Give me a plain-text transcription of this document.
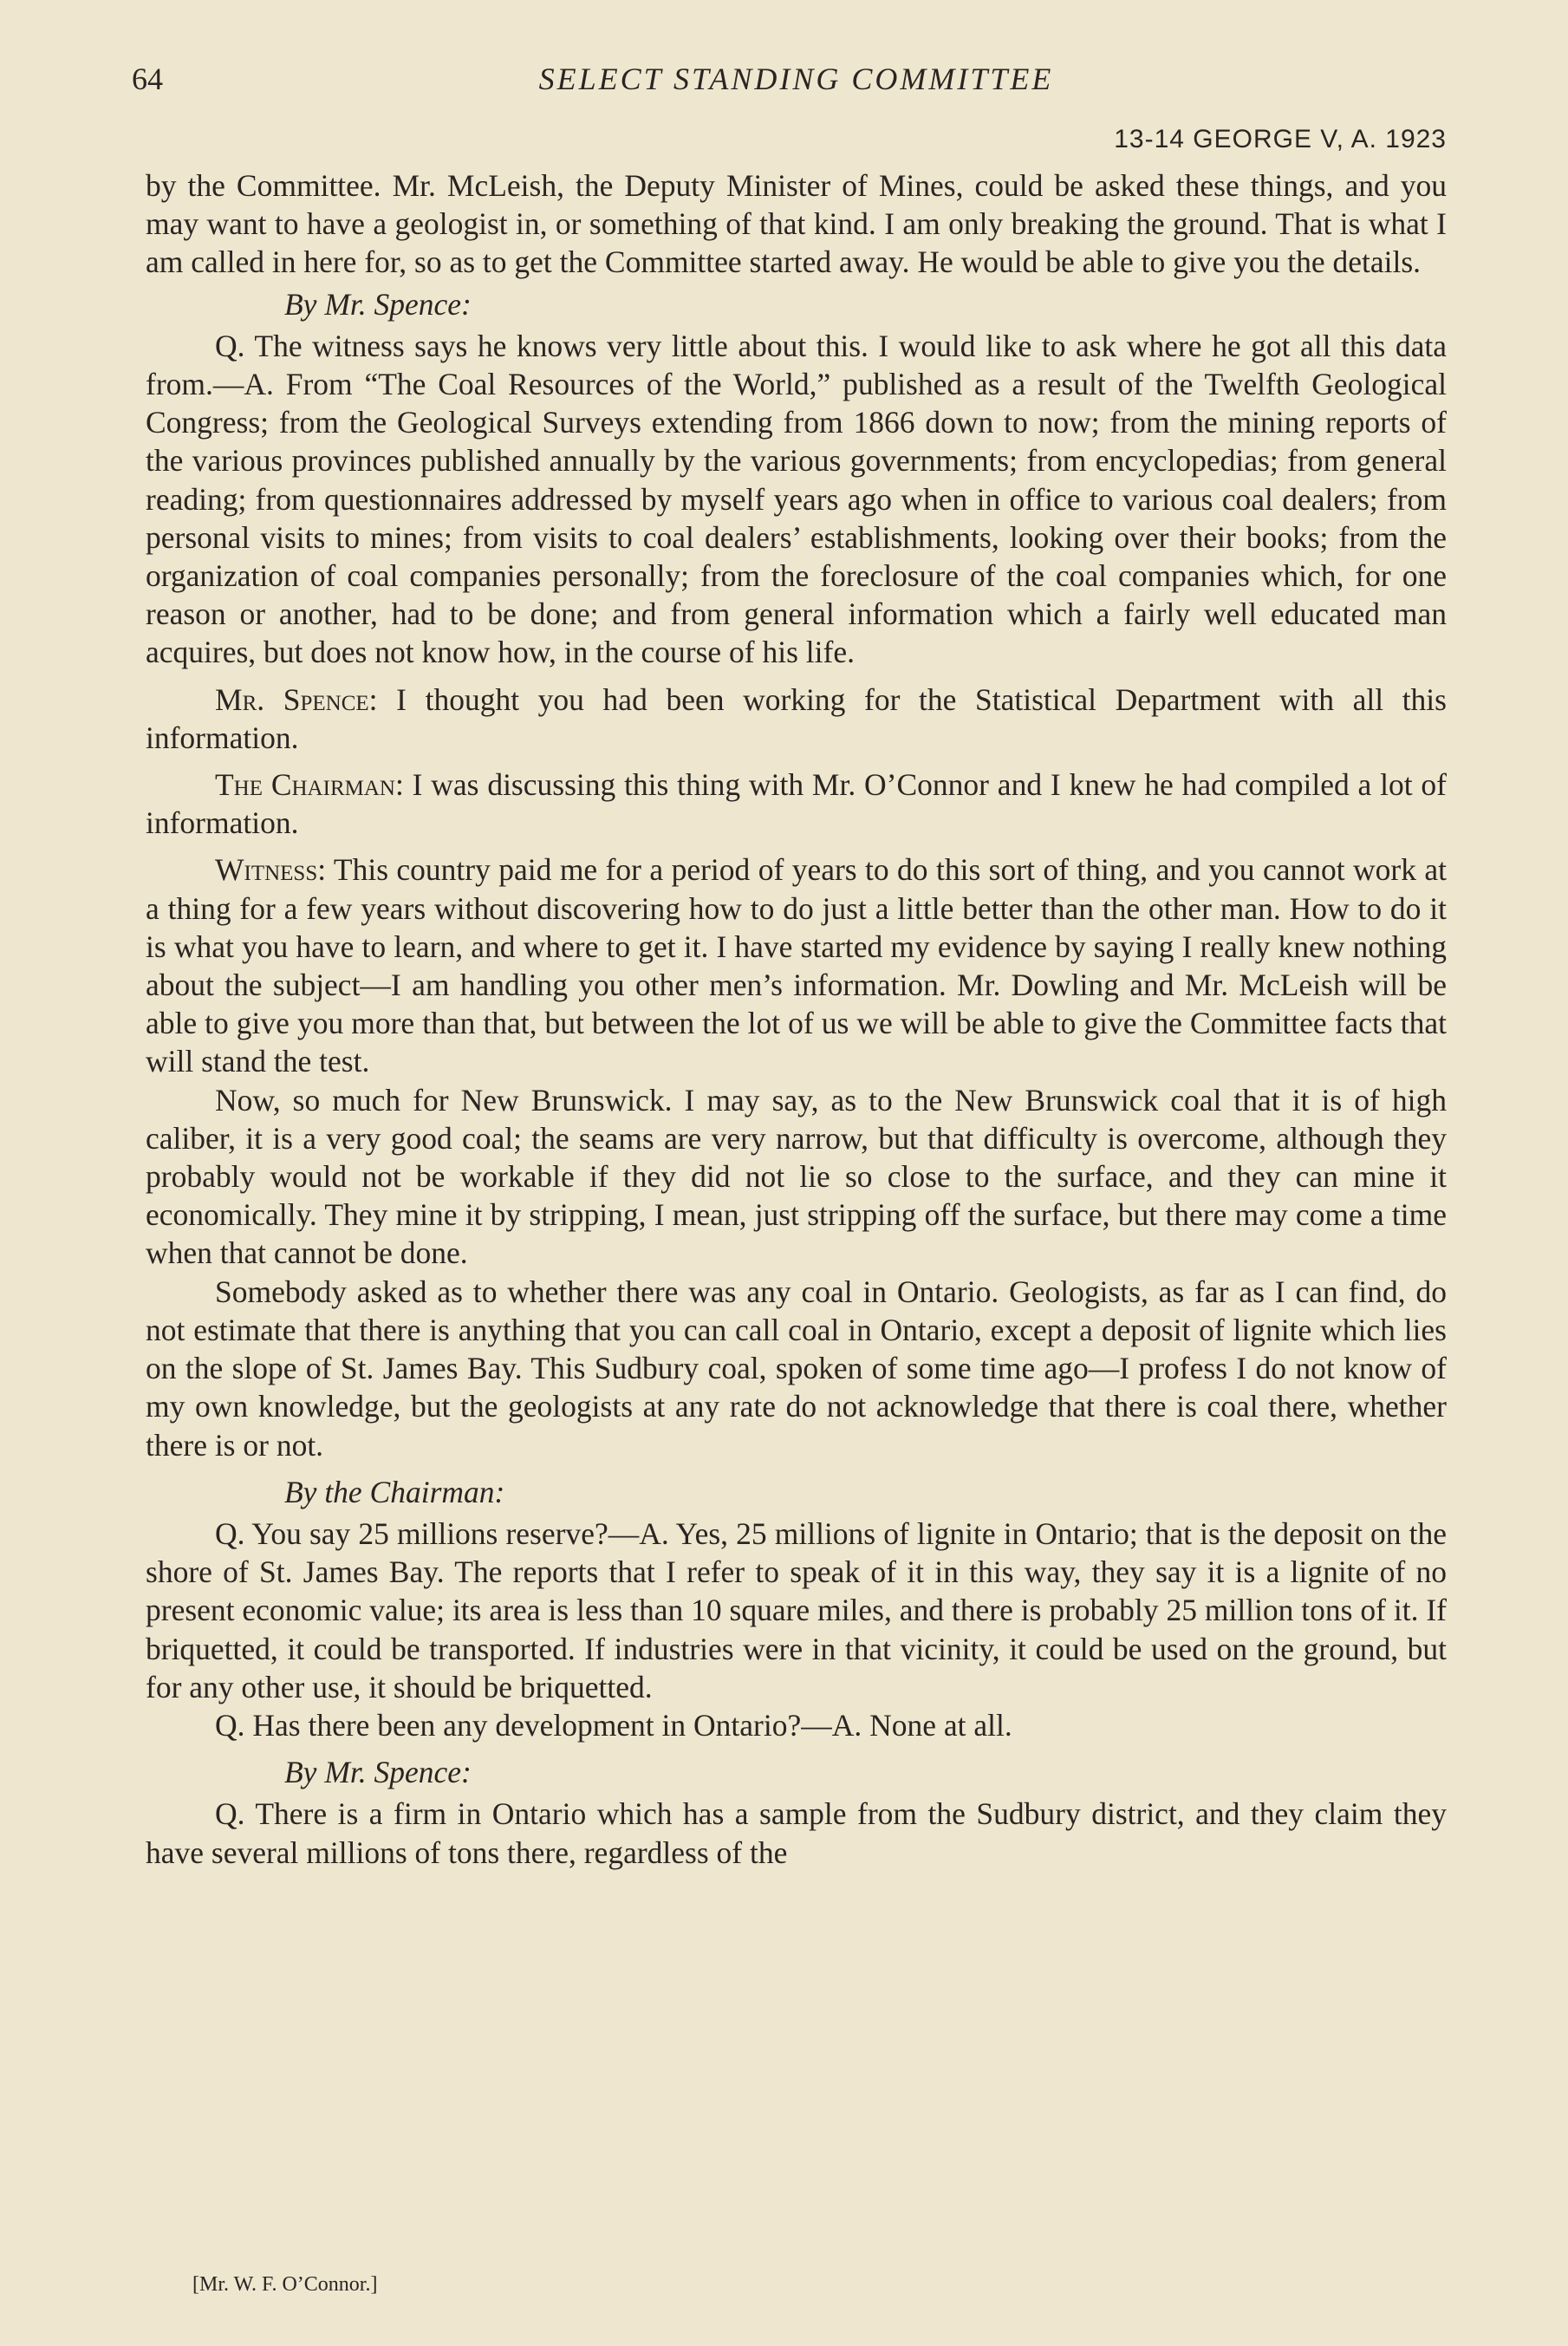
64	SELECT STANDING COMMITTEE
13-14 GEORGE V, A. 1923

by the Committee. Mr. McLeish, the Deputy Minister of Mines, could be asked these things, and you may want to have a geologist in, or something of that kind. I am only breaking the ground. That is what I am called in here for, so as to get the Committee started away. He would be able to give you the details.

By Mr. Spence:

Q. The witness says he knows very little about this. I would like to ask where he got all this data from.—A. From “The Coal Resources of the World,” published as a result of the Twelfth Geological Congress; from the Geological Surveys extending from 1866 down to now; from the mining reports of the various provinces published annually by the various governments; from encyclopedias; from general reading; from questionnaires addressed by myself years ago when in office to various coal dealers; from personal visits to mines; from visits to coal dealers’ establishments, looking over their books; from the organization of coal companies personally; from the foreclosure of the coal companies which, for one reason or another, had to be done; and from general information which a fairly well educated man acquires, but does not know how, in the course of his life.

Mr. Spence: I thought you had been working for the Statistical Department with all this information.

The Chairman: I was discussing this thing with Mr. O’Connor and I knew he had compiled a lot of information.

Witness: This country paid me for a period of years to do this sort of thing, and you cannot work at a thing for a few years without discovering how to do just a little better than the other man. How to do it is what you have to learn, and where to get it. I have started my evidence by saying I really knew nothing about the subject—I am handling you other men’s information. Mr. Dowling and Mr. McLeish will be able to give you more than that, but between the lot of us we will be able to give the Committee facts that will stand the test.

Now, so much for New Brunswick. I may say, as to the New Brunswick coal that it is of high caliber, it is a very good coal; the seams are very narrow, but that difficulty is overcome, although they probably would not be workable if they did not lie so close to the surface, and they can mine it economically. They mine it by stripping, I mean, just stripping off the surface, but there may come a time when that cannot be done.

Somebody asked as to whether there was any coal in Ontario. Geologists, as far as I can find, do not estimate that there is anything that you can call coal in Ontario, except a deposit of lignite which lies on the slope of St. James Bay. This Sudbury coal, spoken of some time ago—I profess I do not know of my own knowledge, but the geologists at any rate do not acknowledge that there is coal there, whether there is or not.

By the Chairman:

Q. You say 25 millions reserve?—A. Yes, 25 millions of lignite in Ontario; that is the deposit on the shore of St. James Bay. The reports that I refer to speak of it in this way, they say it is a lignite of no present economic value; its area is less than 10 square miles, and there is probably 25 million tons of it. If briquetted, it could be transported. If industries were in that vicinity, it could be used on the ground, but for any other use, it should be briquetted.

Q. Has there been any development in Ontario?—A. None at all.

By Mr. Spence:

Q. There is a firm in Ontario which has a sample from the Sudbury district, and they claim they have several millions of tons there, regardless of the

[Mr. W. F. O’Connor.]
